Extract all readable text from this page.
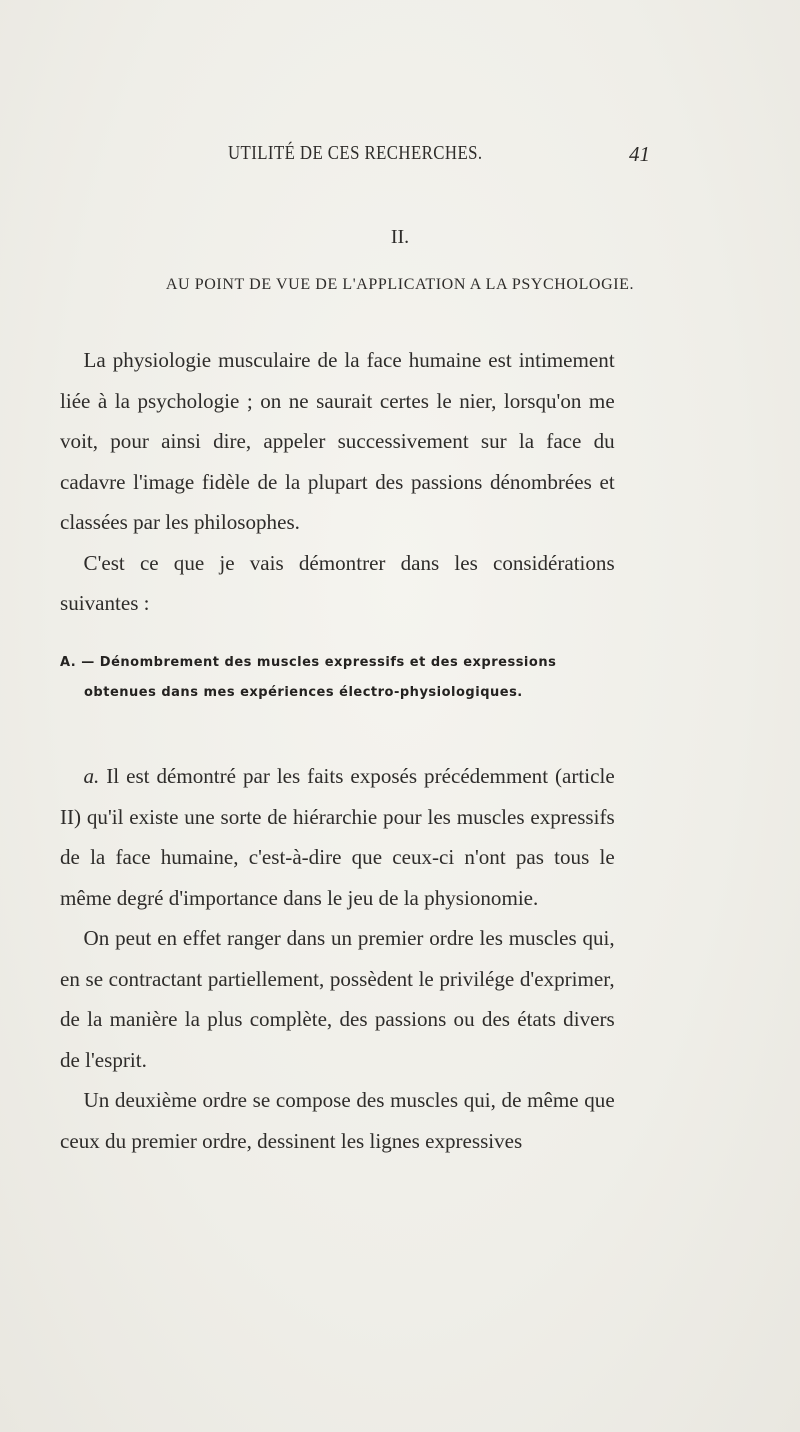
UTILITÉ DE CES RECHERCHES.	41
II.
AU POINT DE VUE DE L'APPLICATION A LA PSYCHOLOGIE.

La physiologie musculaire de la face humaine est intimement liée à la psychologie ; on ne saurait certes le nier, lorsqu'on me voit, pour ainsi dire, appeler successivement sur la face du cadavre l'image fidèle de la plupart des passions dénombrées et classées par les philosophes.

C'est ce que je vais démontrer dans les considérations suivantes :

A. — Dénombrement des muscles expressifs et des expressions
obtenues dans mes expériences électro-physiologiques.

a. Il est démontré par les faits exposés précédemment (article II) qu'il existe une sorte de hiérarchie pour les muscles expressifs de la face humaine, c'est-à-dire que ceux-ci n'ont pas tous le même degré d'importance dans le jeu de la physionomie.

On peut en effet ranger dans un premier ordre les muscles qui, en se contractant partiellement, possèdent le privilége d'exprimer, de la manière la plus complète, des passions ou des états divers de l'esprit.

Un deuxième ordre se compose des muscles qui, de même que ceux du premier ordre, dessinent les lignes expressives
